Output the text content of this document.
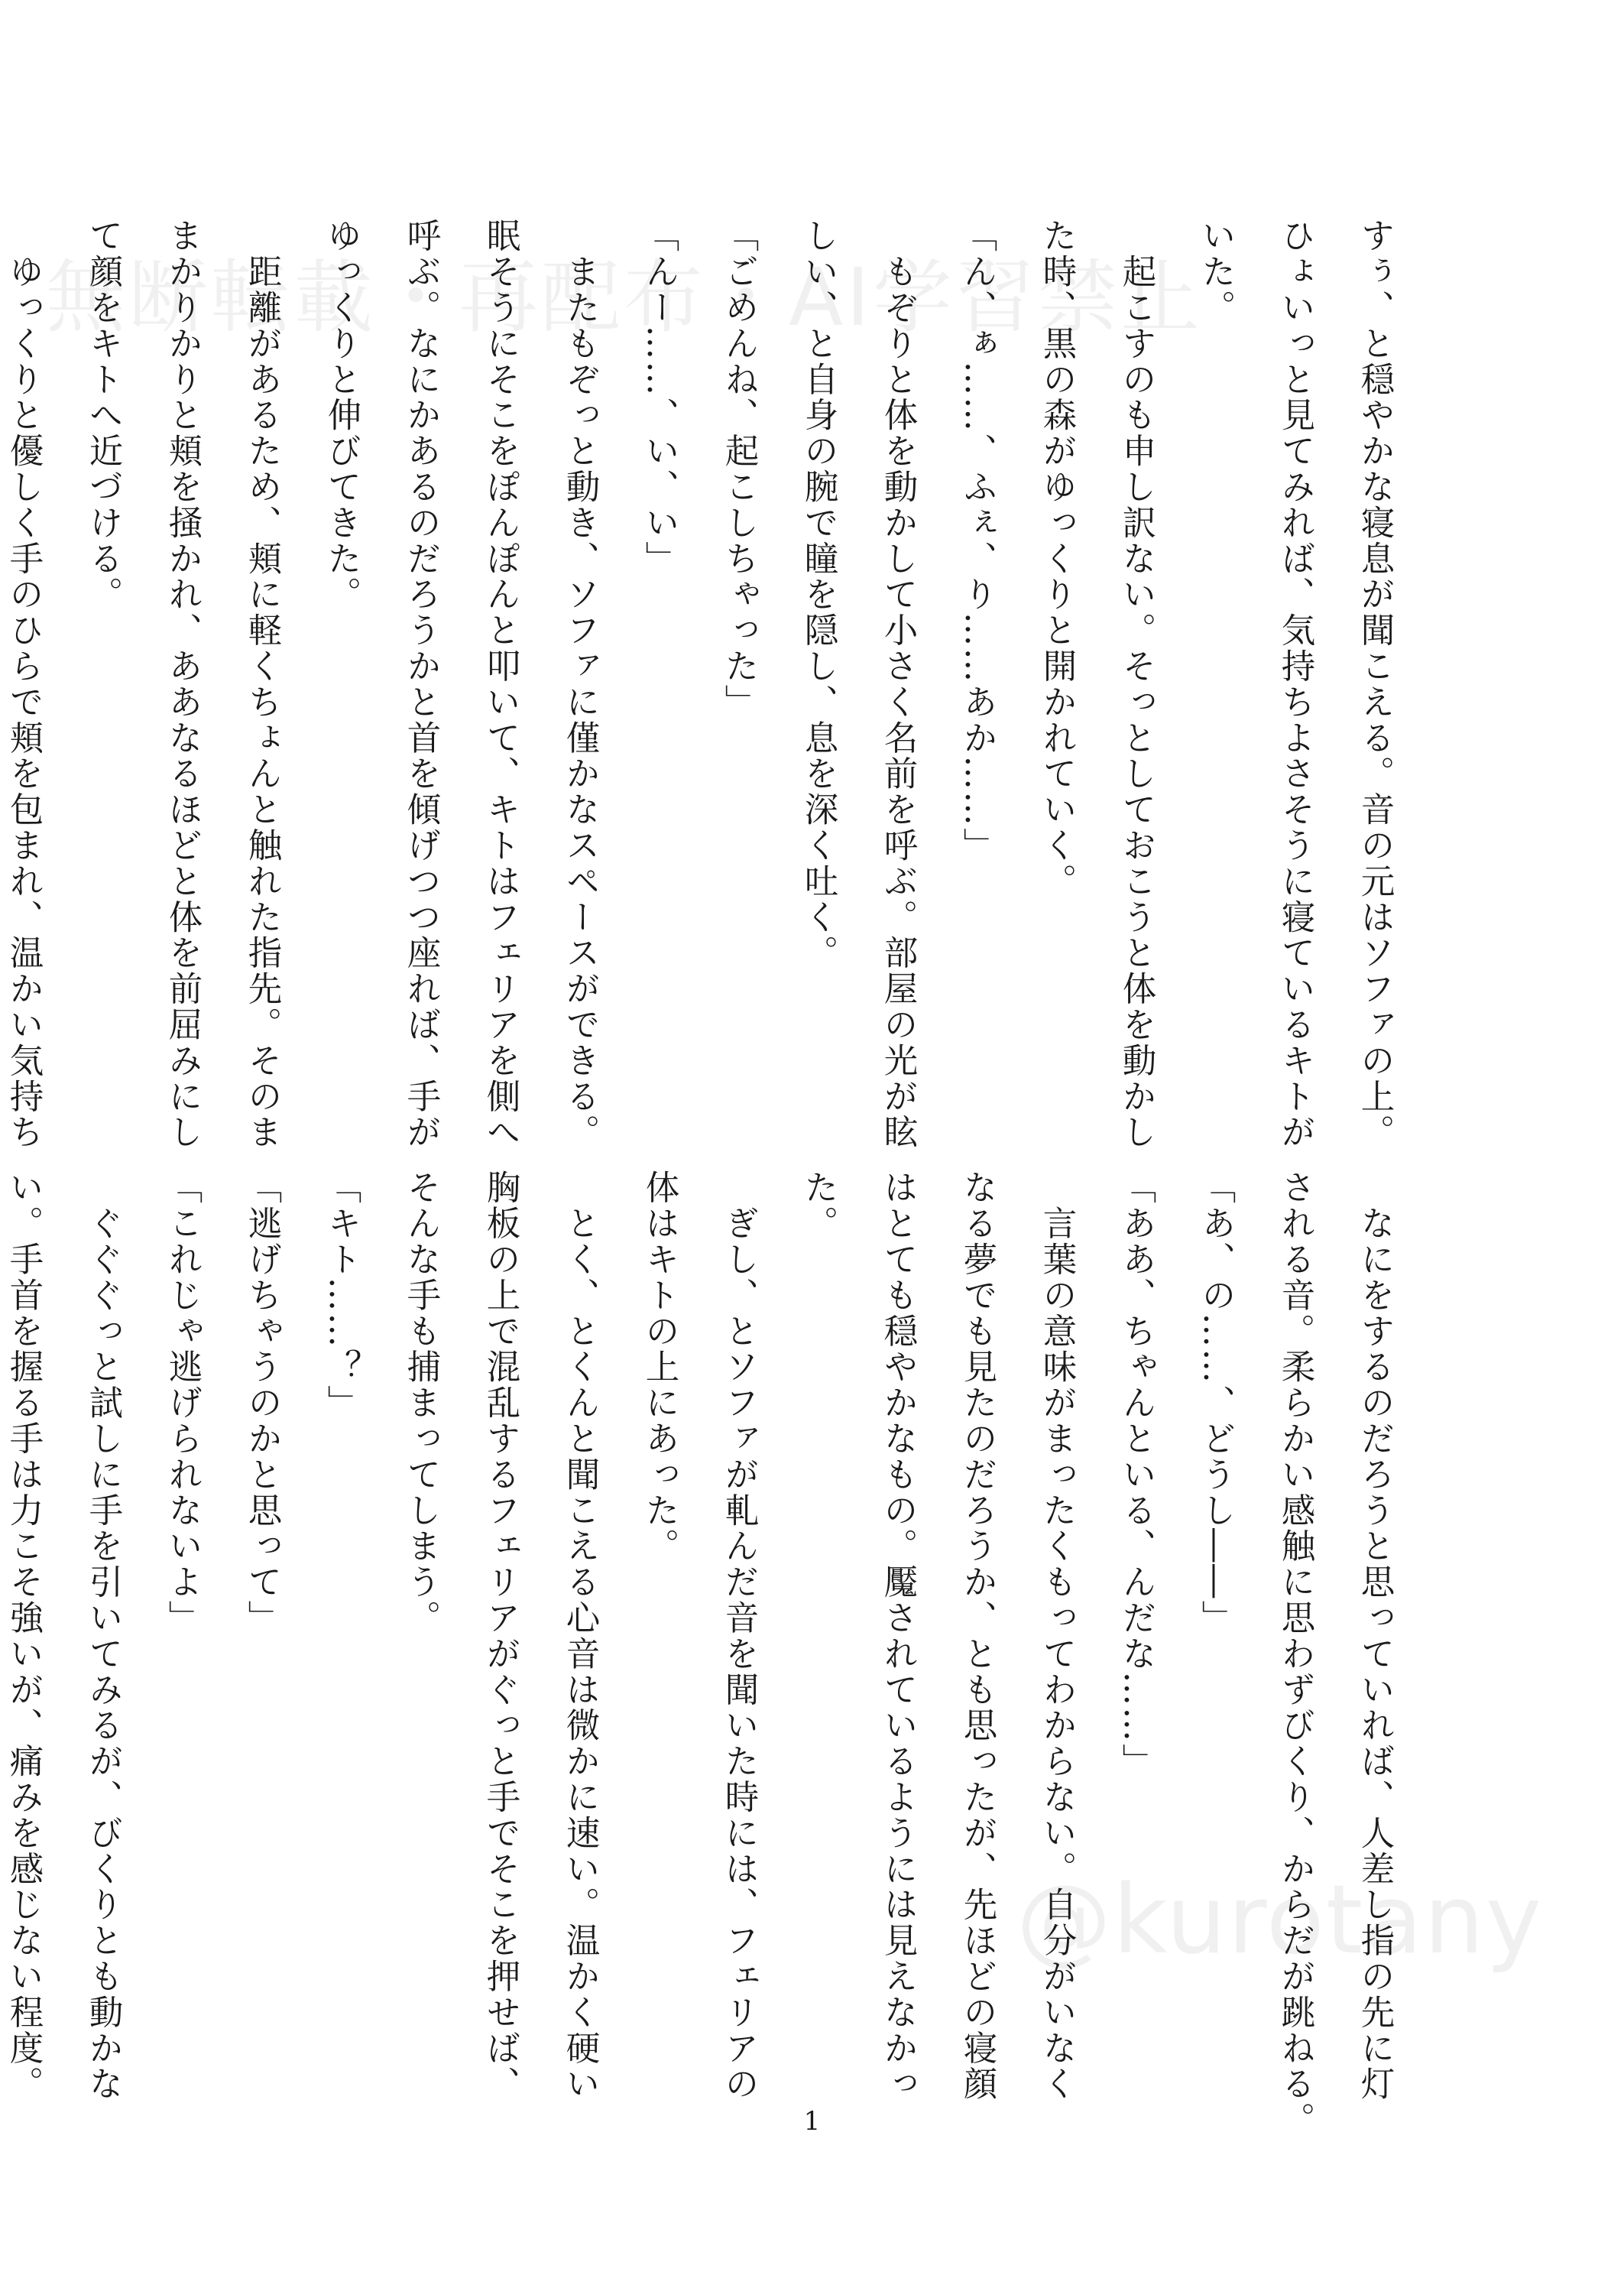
無断転載・再配布・AI学習禁止
@kurotany
すぅ、と穏やかな寝息が聞こえる。音の元はソファの上。
ひょいっと見てみれば、気持ちよさそうに寝ているキトが
いた。
　起こすのも申し訳ない。そっとしておこうと体を動かし
た時、黒の森がゆっくりと開かれていく。
「ん、ぁ……、ふぇ、り……あか……」
　もぞりと体を動かして小さく名前を呼ぶ。部屋の光が眩
しい、と自身の腕で瞳を隠し、息を深く吐く。
「ごめんね、起こしちゃった」
「んー……、い、い」
　またもぞっと動き、ソファに僅かなスペースができる。
眠そうにそこをぽんぽんと叩いて、キトはフェリアを側へ
呼ぶ。なにかあるのだろうかと首を傾げつつ座れば、手が
ゆっくりと伸びてきた。
　距離があるため、頬に軽くちょんと触れた指先。そのま
まかりかりと頬を掻かれ、ああなるほどと体を前屈みにし
て顔をキトへ近づける。
　ゆっくりと優しく手のひらで頬を包まれ、温かい気持ち
　なにをするのだろうと思っていれば、人差し指の先に灯
される音。柔らかい感触に思わずびくり、からだが跳ねる。
「あ、の……、どうし――」
「ああ、ちゃんといる、んだな……」
　言葉の意味がまったくもってわからない。自分がいなく
なる夢でも見たのだろうか、とも思ったが、先ほどの寝顔
はとても穏やかなもの。魘されているようには見えなかっ
た。
　ぎし、とソファが軋んだ音を聞いた時には、フェリアの
体はキトの上にあった。
　とく、とくんと聞こえる心音は微かに速い。温かく硬い
胸板の上で混乱するフェリアがぐっと手でそこを押せば、
そんな手も捕まってしまう。
「キト……？」
「逃げちゃうのかと思って」
「これじゃ逃げられないよ」
　ぐぐぐっと試しに手を引いてみるが、びくりとも動かな
い。手首を握る手は力こそ強いが、痛みを感じない程度。
1
